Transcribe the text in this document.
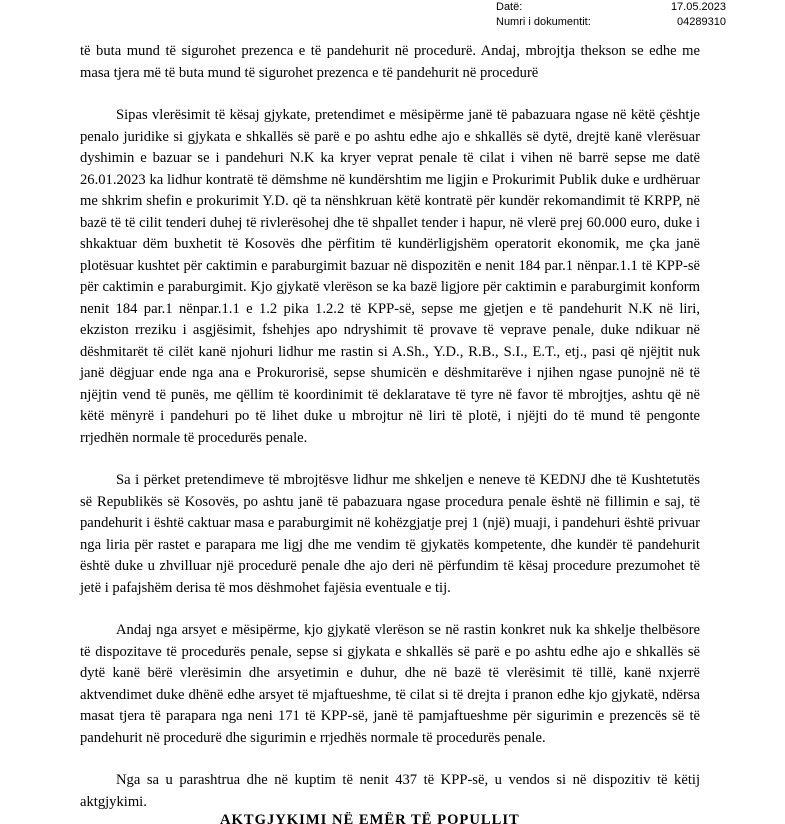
Datë:	17.05.2023
Numri i dokumentit:	04289310

të buta mund të sigurohet prezenca e të pandehurit në procedurë. Andaj, mbrojtja thekson se edhe me masa tjera më të buta mund të sigurohet prezenca e të pandehurit në procedurë

Sipas vlerësimit të kësaj gjykate, pretendimet e mësipërme janë të pabazuara ngase në këtë çështje penalo juridike si gjykata e shkallës së parë e po ashtu edhe ajo e shkallës së dytë, drejtë kanë vlerësuar dyshimin e bazuar se i pandehuri N.K ka kryer veprat penale të cilat i vihen në barrë sepse me datë 26.01.2023 ka lidhur kontratë të dëmshme në kundërshtim me ligjin e Prokurimit Publik duke e urdhëruar me shkrim shefin e prokurimit Y.D. që ta nënshkruan këtë kontratë për kundër rekomandimit të KRPP, në bazë të të cilit tenderi duhej të rivlerësohej dhe të shpallet tender i hapur, në vlerë prej 60.000 euro, duke i shkaktuar dëm buxhetit të Kosovës dhe përfitim të kundërligjshëm operatorit ekonomik, me çka janë plotësuar kushtet për caktimin e paraburgimit bazuar në dispozitën e nenit 184 par.1 nënpar.1.1 të KPP-së për caktimin e paraburgimit. Kjo gjykatë vlerëson se ka bazë ligjore për caktimin e paraburgimit konform nenit 184 par.1 nënpar.1.1 e 1.2 pika 1.2.2 të KPP-së, sepse me gjetjen e të pandehurit N.K në liri, ekziston rreziku i asgjësimit, fshehjes apo ndryshimit të provave të veprave penale, duke ndikuar në dëshmitarët të cilët kanë njohuri lidhur me rastin si A.Sh., Y.D., R.B., S.I., E.T., etj., pasi që njëjtit nuk janë dëgjuar ende nga ana e Prokurorisë, sepse shumicën e dëshmitarëve i njihen ngase punojnë në të njëjtin vend të punës, me qëllim të koordinimit të deklaratave të tyre në favor të mbrojtjes, ashtu që në këtë mënyrë i pandehuri po të lihet duke u mbrojtur në liri të plotë, i njëjti do të mund të pengonte rrjedhën normale të procedurës penale.

Sa i përket pretendimeve të mbrojtësve lidhur me shkeljen e neneve të KEDNJ dhe të Kushtetutës së Republikës së Kosovës, po ashtu janë të pabazuara ngase procedura penale është në fillimin e saj, të pandehurit i është caktuar masa e paraburgimit në kohëzgjatje prej 1 (një) muaji, i pandehuri është privuar nga liria për rastet e parapara me ligj dhe me vendim të gjykatës kompetente, dhe kundër të pandehurit është duke u zhvilluar një procedurë penale dhe ajo deri në përfundim të kësaj procedure prezumohet të jetë i pafajshëm derisa të mos dëshmohet fajësia eventuale e tij.

Andaj nga arsyet e mësipërme, kjo gjykatë vlerëson se në rastin konkret nuk ka shkelje thelbësore të dispozitave të procedurës penale, sepse si gjykata e shkallës së parë e po ashtu edhe ajo e shkallës së dytë kanë bërë vlerësimin dhe arsyetimin e duhur, dhe në bazë të vlerësimit të tillë, kanë nxjerrë aktvendimet duke dhënë edhe arsyet të mjaftueshme, të cilat si të drejta i pranon edhe kjo gjykatë, ndërsa masat tjera të parapara nga neni 171 të KPP-së, janë të pamjaftueshme për sigurimin e prezencës së të pandehurit në procedurë dhe sigurimin e rrjedhës normale të procedurës penale.

Nga sa u parashtrua dhe në kuptim të nenit 437 të KPP-së, u vendos si në dispozitiv të këtij aktgjykimi.

AKTGJYKIMI NË EMËR TË POPULLIT
